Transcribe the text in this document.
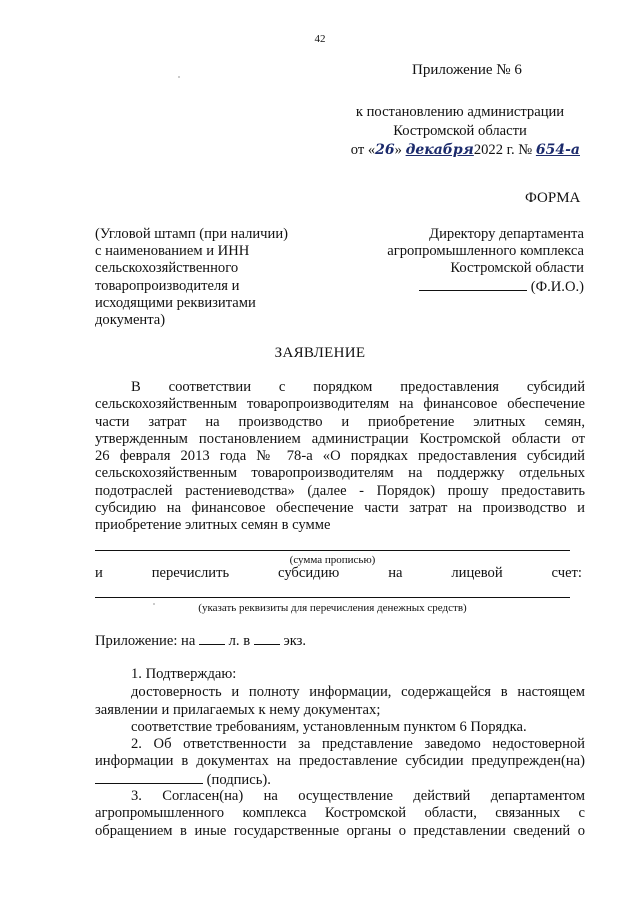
42
Приложение № 6
к постановлению администрации
Костромской области
от «26» декабря2022 г. № 654-а
ФОРМА
(Угловой штамп (при наличии)
с наименованием и ИНН
сельскохозяйственного
товаропроизводителя и
исходящими реквизитами
документа)
Директору департамента
агропромышленного комплекса
Костромской области
(Ф.И.О.)
ЗАЯВЛЕНИЕ
В соответствии с порядком предоставления субсидий
сельскохозяйственным товаропроизводителям на финансовое обеспечение
части затрат на производство и приобретение элитных семян,
утвержденным постановлением администрации Костромской области от
26 февраля 2013 года № 78-а «О порядках предоставления субсидий
сельскохозяйственным товаропроизводителям на поддержку отдельных
подотраслей растениеводства» (далее - Порядок) прошу предоставить
субсидию на финансовое обеспечение части затрат на производство и
приобретение элитных семян в сумме
(сумма прописью)
и	перечислить	субсидию	на	лицевой	счет:
(указать реквизиты для перечисления денежных средств)
Приложение: на л. в экз.
1. Подтверждаю:
достоверность и полноту информации, содержащейся в настоящем
заявлении и прилагаемых к нему документах;
соответствие требованиям, установленным пунктом 6 Порядка.
2. Об ответственности за представление заведомо недостоверной
информации в документах на предоставление субсидии предупрежден(на)
(подпись).
3. Согласен(на) на осуществление действий департаментом
агропромышленного комплекса Костромской области, связанных с
обращением в иные государственные органы о представлении сведений о
